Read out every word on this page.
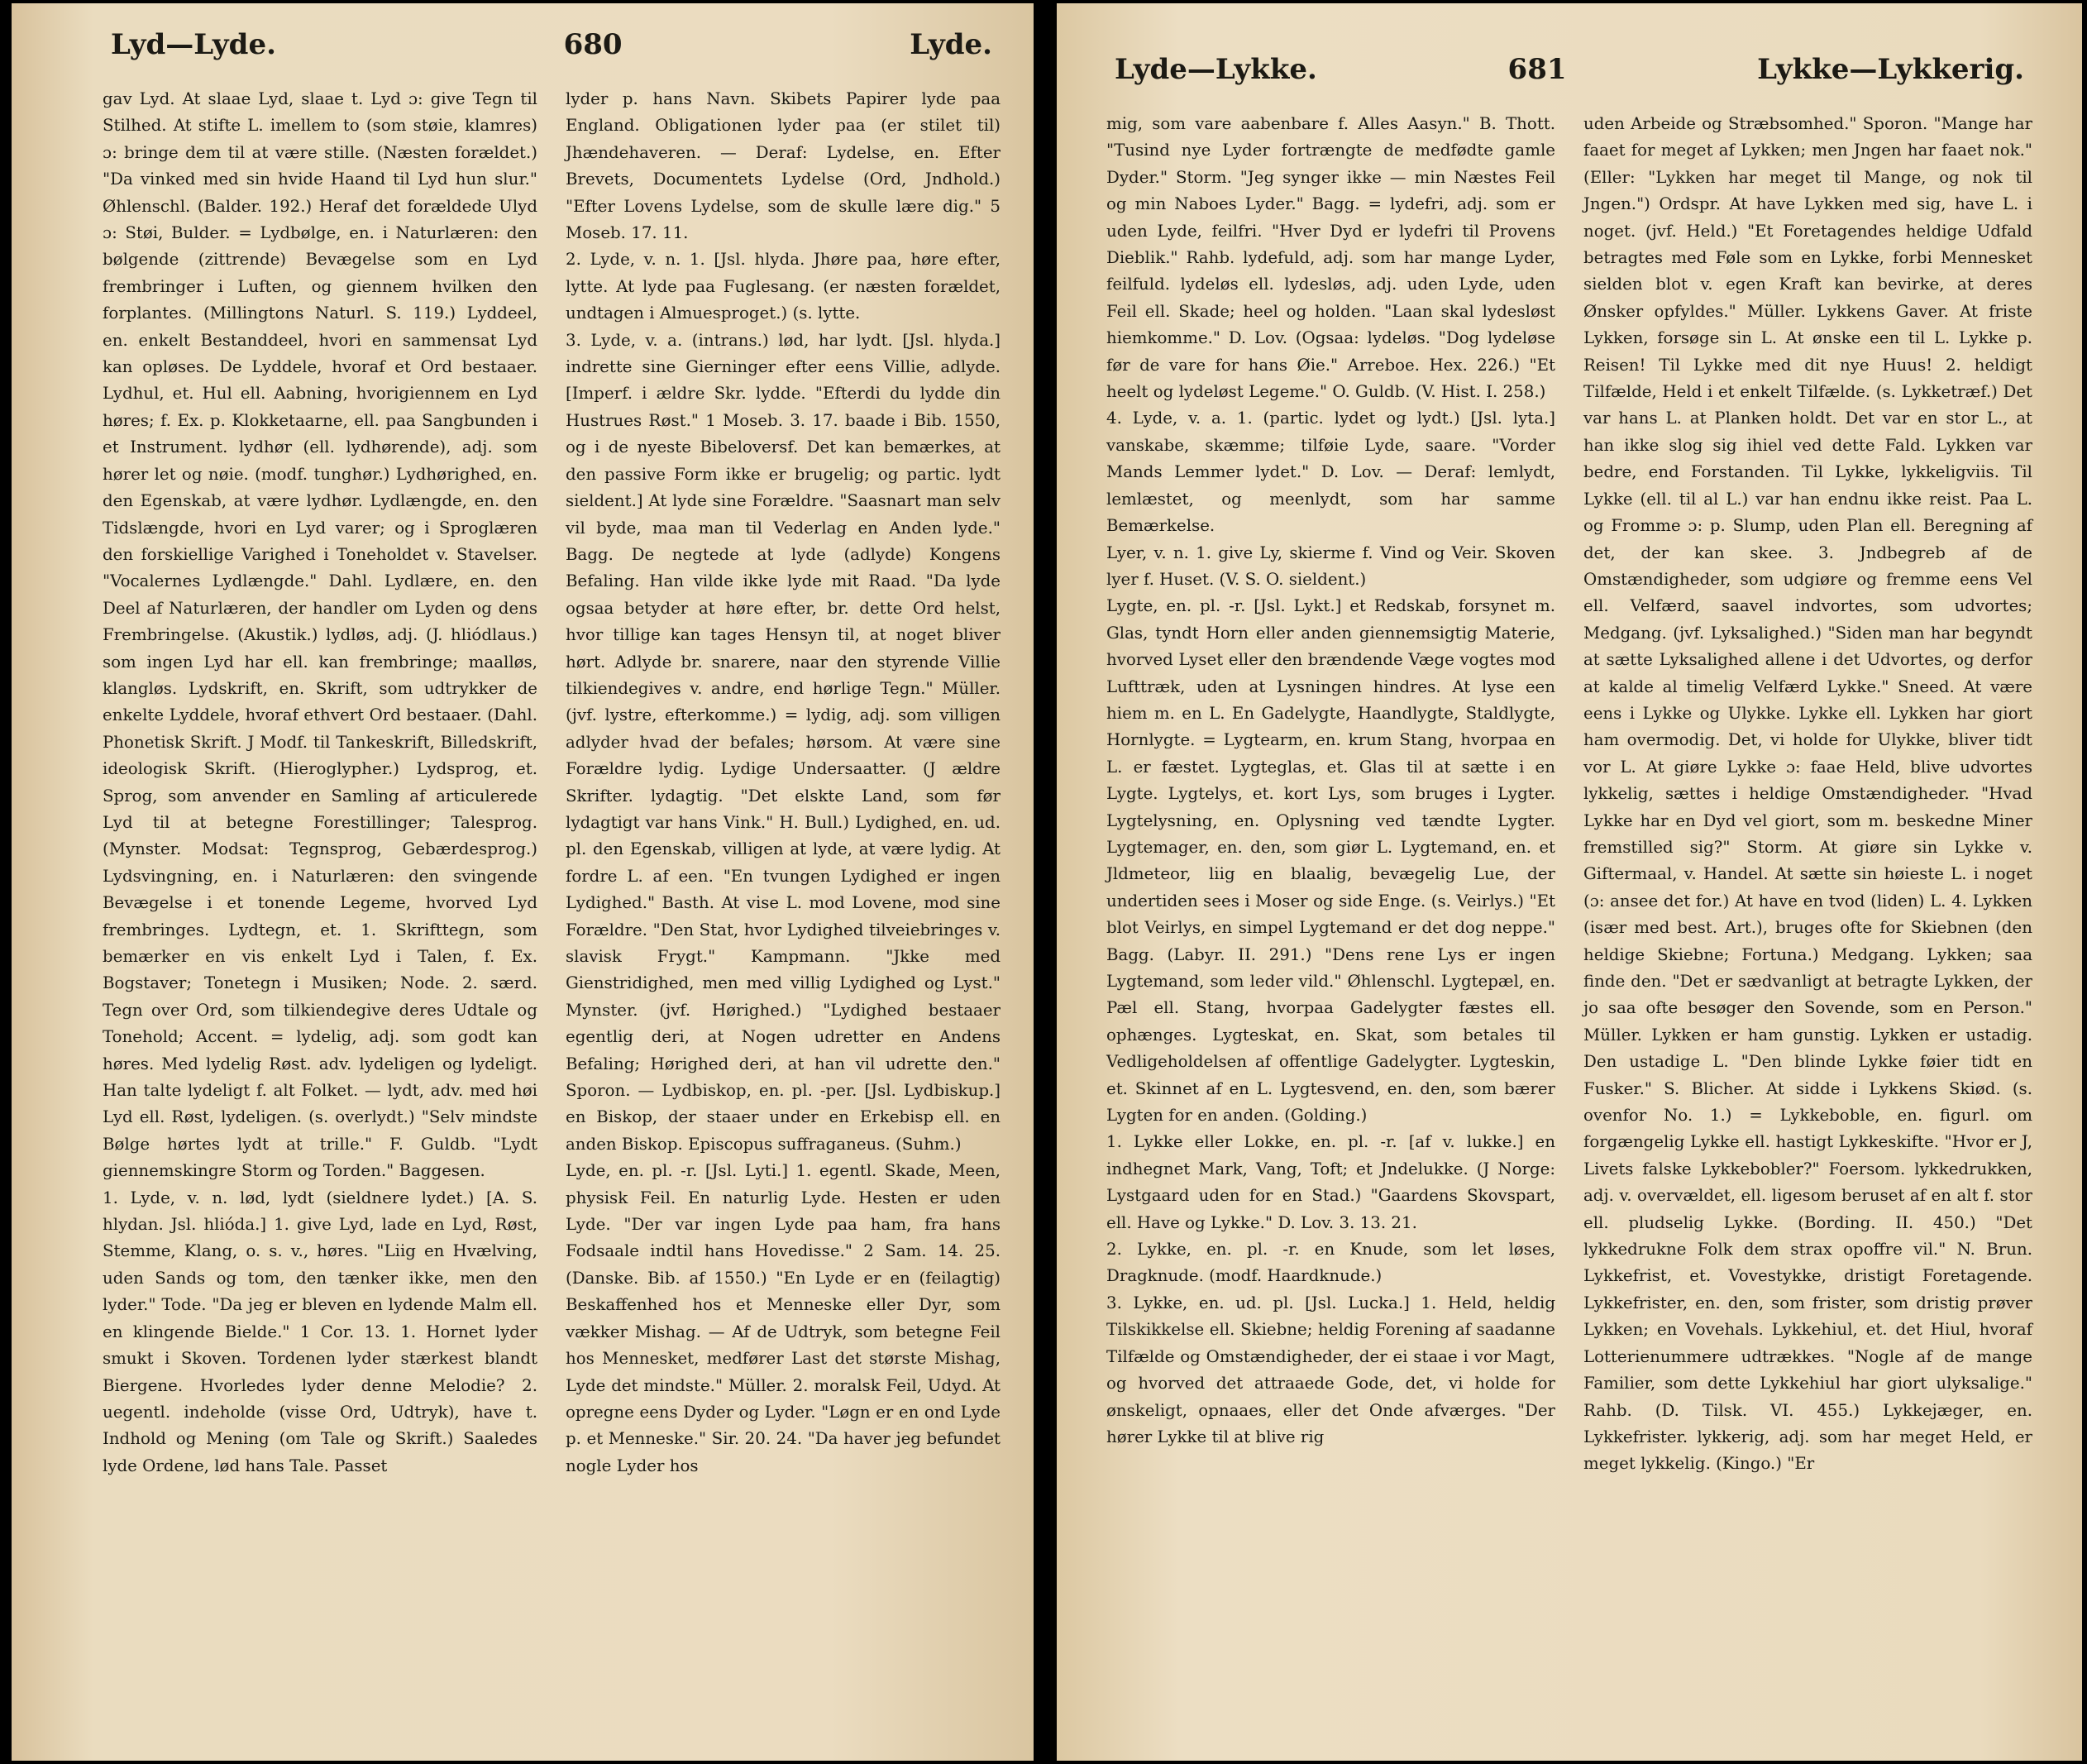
Lyd—Lyde.	680	Lyde.

gav Lyd. At slaae Lyd, slaae t. Lyd ɔ: give Tegn til Stilhed. At stifte L. imellem to (som støie, klamres) ɔ: bringe dem til at være stille. (Næsten forældet.) "Da vinked med sin hvide Haand til Lyd hun slur." Øhlenschl. (Balder. 192.) Heraf det forældede Ulyd ɔ: Støi, Bulder. = Lydbølge, en. i Naturlæren: den bølgende (zittrende) Bevægelse som en Lyd frembringer i Luften, og giennem hvilken den forplantes. (Millingtons Naturl. S. 119.) Lyddeel, en. enkelt Bestanddeel, hvori en sammensat Lyd kan opløses. De Lyddele, hvoraf et Ord bestaaer. Lydhul, et. Hul ell. Aabning, hvorigiennem en Lyd høres; f. Ex. p. Klokketaarne, ell. paa Sangbunden i et Instrument. lydhør (ell. lydhørende), adj. som hører let og nøie. (modf. tunghør.) Lydhørighed, en. den Egenskab, at være lydhør. Lydlængde, en. den Tidslængde, hvori en Lyd varer; og i Sproglæren den forskiellige Varighed i Toneholdet v. Stavelser. "Vocalernes Lydlængde." Dahl. Lydlære, en. den Deel af Naturlæren, der handler om Lyden og dens Frembringelse. (Akustik.) lydløs, adj. (J. hliódlaus.) som ingen Lyd har ell. kan frembringe; maalløs, klangløs. Lydskrift, en. Skrift, som udtrykker de enkelte Lyddele, hvoraf ethvert Ord bestaaer. (Dahl. Phonetisk Skrift. J Modf. til Tankeskrift, Billedskrift, ideologisk Skrift. (Hieroglypher.) Lydsprog, et. Sprog, som anvender en Samling af articulerede Lyd til at betegne Forestillinger; Talesprog. (Mynster. Modsat: Tegnsprog, Gebærdesprog.) Lydsvingning, en. i Naturlæren: den svingende Bevægelse i et tonende Legeme, hvorved Lyd frembringes. Lydtegn, et. 1. Skrifttegn, som bemærker en vis enkelt Lyd i Talen, f. Ex. Bogstaver; Tonetegn i Musiken; Node. 2. særd. Tegn over Ord, som tilkiendegive deres Udtale og Tonehold; Accent. = lydelig, adj. som godt kan høres. Med lydelig Røst. adv. lydeligen og lydeligt. Han talte lydeligt f. alt Folket. — lydt, adv. med høi Lyd ell. Røst, lydeligen. (s. overlydt.) "Selv mindste Bølge hørtes lydt at trille." F. Guldb. "Lydt giennemskingre Storm og Torden." Baggesen.

1. Lyde, v. n. lød, lydt (sieldnere lydet.) [A. S. hlydan. Jsl. hlióda.] 1. give Lyd, lade en Lyd, Røst, Stemme, Klang, o. s. v., høres. "Liig en Hvælving, uden Sands og tom, den tænker ikke, men den lyder." Tode. "Da jeg er bleven en lydende Malm ell. en klingende Bielde." 1 Cor. 13. 1. Hornet lyder smukt i Skoven. Tordenen lyder stærkest blandt Biergene. Hvorledes lyder denne Melodie? 2. uegentl. indeholde (visse Ord, Udtryk), have t. Indhold og Mening (om Tale og Skrift.) Saaledes lyde Ordene, lød hans Tale. Passet

lyder p. hans Navn. Skibets Papirer lyde paa England. Obligationen lyder paa (er stilet til) Jhændehaveren. — Deraf: Lydelse, en. Efter Brevets, Documentets Lydelse (Ord, Jndhold.) "Efter Lovens Lydelse, som de skulle lære dig." 5 Mosеb. 17. 11.

2. Lyde, v. n. 1. [Jsl. hlyda. Jhøre paa, høre efter, lytte. At lyde paa Fuglesang. (er næsten forældet, undtagen i Almuesproget.) (s. lytte.

3. Lyde, v. a. (intrans.) lød, har lydt. [Jsl. hlyda.] indrette sine Gierninger efter eens Villie, adlyde. [Imperf. i ældre Skr. lydde. "Efterdi du lydde din Hustrues Røst." 1 Mosеb. 3. 17. baade i Bib. 1550, og i de nyeste Bibeloversf. Det kan bemærkes, at den passive Form ikke er brugelig; og partic. lydt sieldent.] At lyde sine Forældre. "Saasnart man selv vil byde, maa man til Vederlag en Anden lyde." Bagg. De negtede at lyde (adlyde) Kongens Befaling. Han vilde ikke lyde mit Raad. "Da lyde ogsaa betyder at høre efter, br. dette Ord helst, hvor tillige kan tages Hensyn til, at noget bliver hørt. Adlyde br. snarere, naar den styrende Villie tilkiendegives v. andre, end hørlige Tegn." Müller. (jvf. lystre, efterkomme.) = lydig, adj. som villigen adlyder hvad der befales; hørsom. At være sine Forældre lydig. Lydige Undersaatter. (J ældre Skrifter. lydagtig. "Det elskte Land, som før lydagtigt var hans Vink." H. Bull.) Lydighed, en. ud. pl. den Egenskab, villigen at lyde, at være lydig. At fordre L. af een. "En tvungen Lydighed er ingen Lydighed." Basth. At vise L. mod Lovene, mod sine Forældre. "Den Stat, hvor Lydighed tilveiebringes v. slavisk Frygt." Kampmann. "Jkke med Gienstridighed, men med villig Lydighed og Lyst." Mynster. (jvf. Hørighed.) "Lydighed bestaaer egentlig deri, at Nogen udretter en Andens Befaling; Hørighed deri, at han vil udrette den." Sporon. — Lydbiskop, en. pl. -per. [Jsl. Lydbiskup.] en Biskop, der staaer under en Erkebisp ell. en anden Biskop. Episcopus suffraganeus. (Suhm.)

Lyde, en. pl. -r. [Jsl. Lyti.] 1. egentl. Skade, Meen, physisk Feil. En naturlig Lyde. Hesten er uden Lyde. "Der var ingen Lyde paa ham, fra hans Fodsaale indtil hans Hovedisse." 2 Sam. 14. 25. (Danske. Bib. af 1550.) "En Lyde er en (feilagtig) Beskaffenhed hos et Menneske eller Dyr, som vækker Mishag. — Af de Udtryk, som betegne Feil hos Mennesket, medfører Last det største Mishag, Lyde det mindste." Müller. 2. moralsk Feil, Udyd. At opregne eens Dyder og Lyder. "Løgn er en ond Lyde p. et Menneske." Sir. 20. 24. "Da haver jeg befundet nogle Lyder hos

Lyde—Lykke.	681	Lykke—Lykkerig.

mig, som vare aabenbare f. Alles Aasyn." B. Thott. "Tusind nye Lyder fortrængte de medfødte gamle Dyder." Storm. "Jeg synger ikke — min Næstes Feil og min Naboes Lyder." Bagg. = lydefri, adj. som er uden Lyde, feilfri. "Hver Dyd er lydefri til Provens Dieblik." Rahb. lydefuld, adj. som har mange Lyder, feilfuld. lydeløs ell. lydesløs, adj. uden Lyde, uden Feil ell. Skade; heel og holden. "Laan skal lydesløst hiemkomme." D. Lov. (Ogsaa: lydeløs. "Dog lydeløse før de vare for hans Øie." Arreboe. Hex. 226.) "Et heelt og lydeløst Legeme." O. Guldb. (V. Hist. I. 258.)

4. Lyde, v. a. 1. (partic. lydet og lydt.) [Jsl. lyta.] vanskabe, skæmme; tilføie Lyde, saare. "Vorder Mands Lemmer lydet." D. Lov. — Deraf: lemlydt, lemlæstet, og meenlydt, som har samme Bemærkelse.

Lyer, v. n. 1. give Ly, skierme f. Vind og Veir. Skoven lyer f. Huset. (V. S. O. sieldent.)

Lygte, en. pl. -r. [Jsl. Lykt.] et Redskab, forsynet m. Glas, tyndt Horn eller anden giennemsigtig Materie, hvorved Lyset eller den brændende Væge vogtes mod Lufttræk, uden at Lysningen hindres. At lyse een hiem m. en L. En Gadelygte, Haandlygte, Staldlygte, Hornlygte. = Lygtearm, en. krum Stang, hvorpaa en L. er fæstet. Lygteglas, et. Glas til at sætte i en Lygte. Lygtelys, et. kort Lys, som bruges i Lygter. Lygtelysning, en. Oplysning ved tændte Lygter. Lygtemager, en. den, som giør L. Lygtemand, en. et Jldmeteor, liig en blaalig, bevægelig Lue, der undertiden sees i Moser og side Enge. (s. Veirlys.) "Et blot Veirlys, en simpel Lygtemand er det dog neppe." Bagg. (Labyr. II. 291.) "Dens rene Lys er ingen Lygtemand, som leder vild." Øhlenschl. Lygtepæl, en. Pæl ell. Stang, hvorpaa Gadelygter fæstes ell. ophænges. Lygteskat, en. Skat, som betales til Vedligeholdelsen af offentlige Gadelygter. Lygteskin, et. Skinnet af en L. Lygtesvend, en. den, som bærer Lygten for en anden. (Golding.)

1. Lykke eller Lokke, en. pl. -r. [af v. lukke.] en indhegnet Mark, Vang, Toft; et Jndelukke. (J Norge: Lystgaard uden for en Stad.) "Gaardens Skovspart, ell. Have og Lykke." D. Lov. 3. 13. 21.

2. Lykke, en. pl. -r. en Knude, som let løses, Dragknude. (modf. Haardknude.)

3. Lykke, en. ud. pl. [Jsl. Lucka.] 1. Held, heldig Tilskikkelse ell. Skiebne; heldig Forening af saadanne Tilfælde og Omstændigheder, der ei staae i vor Magt, og hvorved det attraaede Gode, det, vi holde for ønskeligt, opnaaes, eller det Onde afværges. "Der hører Lykke til at blive rig

uden Arbeide og Stræbsomhed." Sporon. "Mange har faaet for meget af Lykken; men Jngen har faaet nok." (Eller: "Lykken har meget til Mange, og nok til Jngen.") Ordspr. At have Lykken med sig, have L. i noget. (jvf. Held.) "Et Foretagendes heldige Udfald betragtes med Føle som en Lykke, forbi Mennesket sielden blot v. egen Kraft kan bevirke, at deres Ønsker opfyldes." Müller. Lykkens Gaver. At friste Lykken, forsøge sin L. At ønske een til L. Lykke p. Reisen! Til Lykke med dit nye Huus! 2. heldigt Tilfælde, Held i et enkelt Tilfælde. (s. Lykketræf.) Det var hans L. at Planken holdt. Det var en stor L., at han ikke slog sig ihiel ved dette Fald. Lykken var bedre, end Forstanden. Til Lykke, lykkeligviis. Til Lykke (ell. til al L.) var han endnu ikke reist. Paa L. og Fromme ɔ: p. Slump, uden Plan ell. Beregning af det, der kan skee. 3. Jndbegreb af de Omstændigheder, som udgiøre og fremme eens Vel ell. Velfærd, saavel indvortes, som udvortes; Medgang. (jvf. Lyksalighed.) "Siden man har begyndt at sætte Lyksalighed allene i det Udvortes, og derfor at kalde al timelig Velfærd Lykke." Sneed. At være eens i Lykke og Ulykke. Lykke ell. Lykken har giort ham overmodig. Det, vi holde for Ulykke, bliver tidt vor L. At giøre Lykke ɔ: faae Held, blive udvortes lykkelig, sættes i heldige Omstændigheder. "Hvad Lykke har en Dyd vel giort, som m. beskedne Miner fremstilled sig?" Storm. At giøre sin Lykke v. Giftermaal, v. Handel. At sætte sin høieste L. i noget (ɔ: ansee det for.) At have en tvod (liden) L. 4. Lykken (især med best. Art.), bruges ofte for Skiebnen (den heldige Skiebne; Fortuna.) Medgang. Lykken; saa finde den. "Det er sædvanligt at betragte Lykken, der jo saa ofte besøger den Sovende, som en Person." Müller. Lykken er ham gunstig. Lykken er ustadig. Den ustadige L. "Den blinde Lykke føier tidt en Fusker." S. Blicher. At sidde i Lykkens Skiød. (s. ovenfor No. 1.) = Lykkeboble, en. figurl. om forgængelig Lykke ell. hastigt Lykkeskifte. "Hvor er J, Livets falske Lykkebobler?" Foersom. lykkedrukken, adj. v. overvældet, ell. ligesom beruset af en alt f. stor ell. pludselig Lykke. (Bording. II. 450.) "Det lykkedrukne Folk dem strax opoffre vil." N. Brun. Lykkefrist, et. Vovestykke, dristigt Foretagende. Lykkefrister, en. den, som frister, som dristig prøver Lykken; en Vovehals. Lykkehiul, et. det Hiul, hvoraf Lotterienummere udtrækkes. "Nogle af de mange Familier, som dette Lykkehiul har giort ulyksalige." Rahb. (D. Tilsk. VI. 455.) Lykkejæger, en. Lykkefrister. lykkerig, adj. som har meget Held, er meget lykkelig. (Kingo.) "Er
